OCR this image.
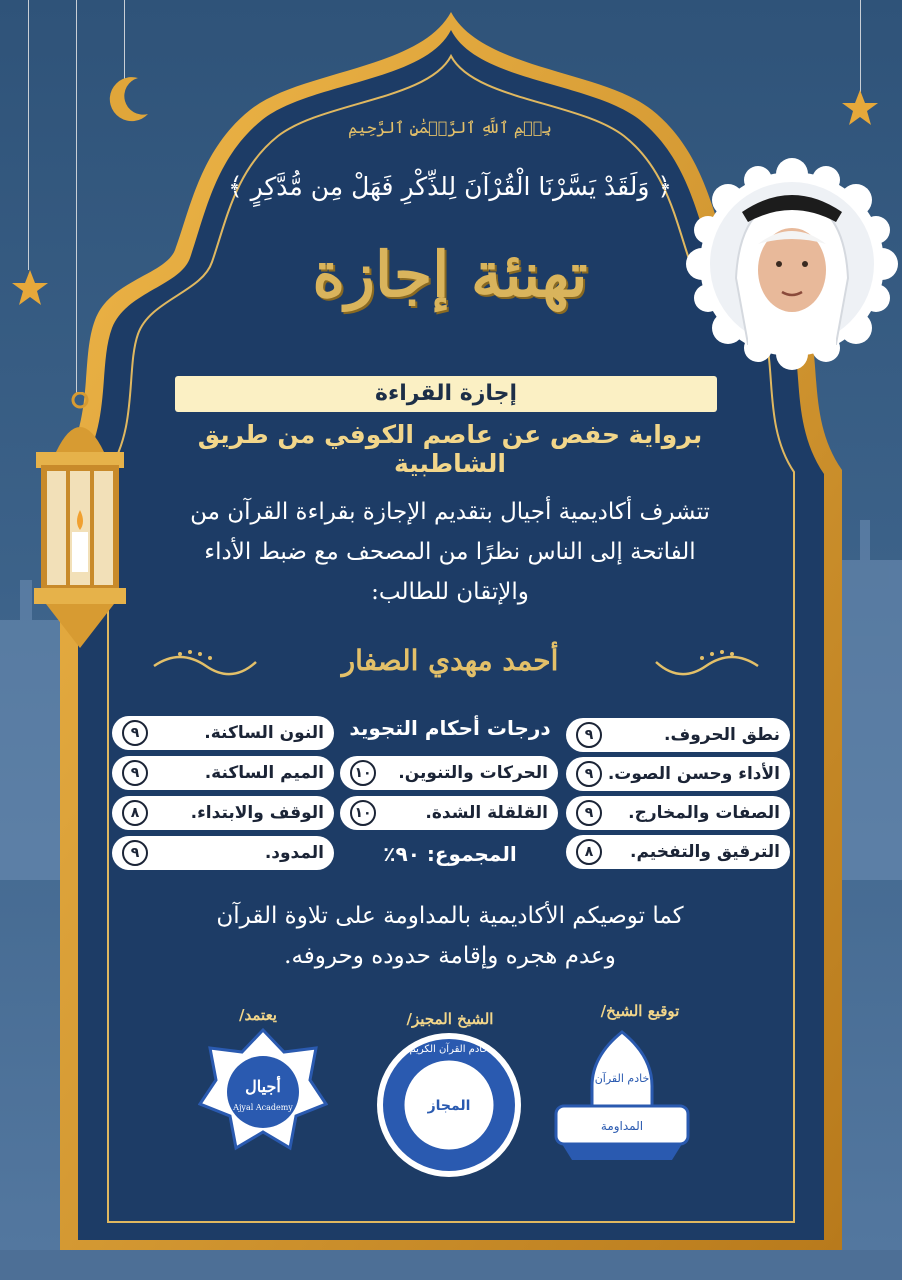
بِسۡمِ ٱللَّهِ ٱلرَّحۡمَٰنِ ٱلرَّحِيمِ
﴿ وَلَقَدْ يَسَّرْنَا الْقُرْآنَ لِلذِّكْرِ فَهَلْ مِن مُّدَّكِرٍ ﴾
تهنئة إجازة
إجازة القراءة
برواية حفص عن عاصم الكوفي من طريق الشاطبية
تتشرف أكاديمية أجيال بتقديم الإجازة بقراءة القرآن من
الفاتحة إلى الناس نظرًا من المصحف مع ضبط الأداء
والإتقان للطالب:
أحمد مهدي الصفار
درجات أحكام التجويد	نطق الحروف.
٩
الأداء وحسن الصوت.
٩
الصفات والمخارج.
٩
الترقيق والتفخيم.
٨
الحركات والتنوين.
١٠
القلقلة الشدة.
١٠
النون الساكنة.
٩
الميم الساكنة.
٩
الوقف والابتداء.
٨
المدود.
٩	المجموع: ٩٠٪
كما توصيكم الأكاديمية بالمداومة على تلاوة القرآن
وعدم هجره وإقامة حدوده وحروفه.
توقيع الشيخ/
الشيخ المجيز/
يعتمد/
خادم القرآن
المداومة
خادم القرآن الكريم
المجاز
أجيال
Ajyal Academy
